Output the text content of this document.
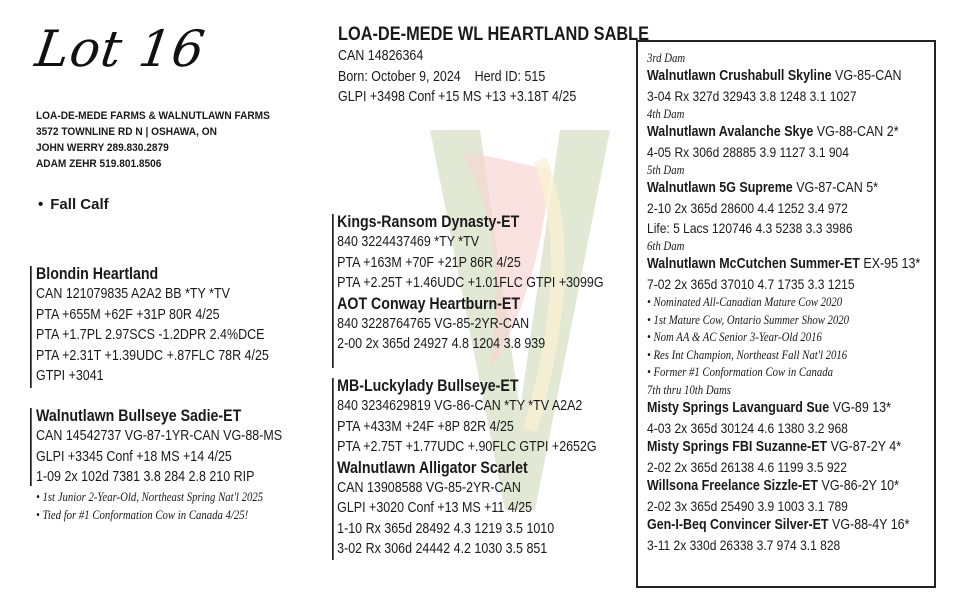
Lot 16
LOA-DE-MEDE FARMS & WALNUTLAWN FARMS
3572 TOWNLINE RD N | OSHAWA, ON
JOHN WERRY 289.830.2879
ADAM ZEHR 519.801.8506
• Fall Calf
Blondin Heartland
CAN 121079835 A2A2 BB *TY *TV
PTA +655M +62F +31P 80R 4/25
PTA +1.7PL 2.97SCS -1.2DPR 2.4%DCE
PTA +2.31T +1.39UDC +.87FLC 78R 4/25
GTPI +3041
Walnutlawn Bullseye Sadie-ET
CAN 14542737 VG-87-1YR-CAN VG-88-MS
GLPI +3345 Conf +18 MS +14 4/25
1-09 2x 102d 7381 3.8 284 2.8 210 RIP
• 1st Junior 2-Year-Old, Northeast Spring Nat'l 2025
• Tied for #1 Conformation Cow in Canada 4/25!
LOA-DE-MEDE WL HEARTLAND SABLE
CAN 14826364
Born: October 9, 2024 Herd ID: 515
GLPI +3498 Conf +15 MS +13 +3.18T 4/25
Kings-Ransom Dynasty-ET
840 3224437469 *TY *TV
PTA +163M +70F +21P 86R 4/25
PTA +2.25T +1.46UDC +1.01FLC GTPI +3099G
AOT Conway Heartburn-ET
840 3228764765 VG-85-2YR-CAN
2-00 2x 365d 24927 4.8 1204 3.8 939
MB-Luckylady Bullseye-ET
840 3234629819 VG-86-CAN *TY *TV A2A2
PTA +433M +24F +8P 82R 4/25
PTA +2.75T +1.77UDC +.90FLC GTPI +2652G
Walnutlawn Alligator Scarlet
CAN 13908588 VG-85-2YR-CAN
GLPI +3020 Conf +13 MS +11 4/25
1-10 Rx 365d 28492 4.3 1219 3.5 1010
3-02 Rx 306d 24442 4.2 1030 3.5 851
3rd Dam
Walnutlawn Crushabull Skyline VG-85-CAN
3-04 Rx 327d 32943 3.8 1248 3.1 1027
4th Dam
Walnutlawn Avalanche Skye VG-88-CAN 2*
4-05 Rx 306d 28885 3.9 1127 3.1 904
5th Dam
Walnutlawn 5G Supreme VG-87-CAN 5*
2-10 2x 365d 28600 4.4 1252 3.4 972
Life: 5 Lacs 120746 4.3 5238 3.3 3986
6th Dam
Walnutlawn McCutchen Summer-ET EX-95 13*
7-02 2x 365d 37010 4.7 1735 3.3 1215
• Nominated All-Canadian Mature Cow 2020
• 1st Mature Cow, Ontario Summer Show 2020
• Nom AA & AC Senior 3-Year-Old 2016
• Res Int Champion, Northeast Fall Nat'l 2016
• Former #1 Conformation Cow in Canada
7th thru 10th Dams
Misty Springs Lavanguard Sue VG-89 13*
4-03 2x 365d 30124 4.6 1380 3.2 968
Misty Springs FBI Suzanne-ET VG-87-2Y 4*
2-02 2x 365d 26138 4.6 1199 3.5 922
Willsona Freelance Sizzle-ET VG-86-2Y 10*
2-02 3x 365d 25490 3.9 1003 3.1 789
Gen-I-Beq Convincer Silver-ET VG-88-4Y 16*
3-11 2x 330d 26338 3.7 974 3.1 828
